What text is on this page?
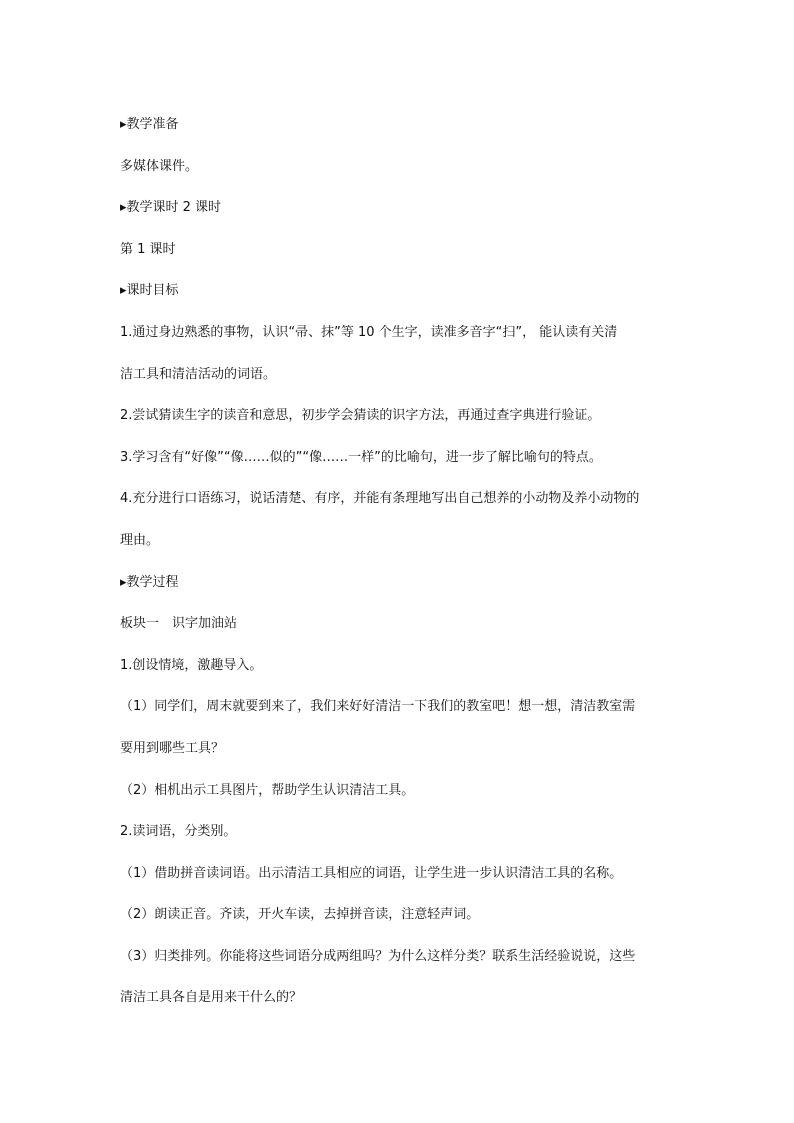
▸教学准备

多媒体课件。

▸教学课时 2 课时

第 1 课时

▸课时目标

1.通过身边熟悉的事物，认识“帚、抹”等 10 个生字，读准多音字“扫”， 能认读有关清

洁工具和清洁活动的词语。

2.尝试猜读生字的读音和意思，初步学会猜读的识字方法，再通过查字典进行验证。

3.学习含有“好像”“像……似的”“像……一样”的比喻句，进一步了解比喻句的特点。

4.充分进行口语练习，说话清楚、有序，并能有条理地写出自己想养的小动物及养小动物的

理由。

▸教学过程

板块一　识字加油站

1.创设情境，激趣导入。

（1）同学们，周末就要到来了，我们来好好清洁一下我们的教室吧！想一想，清洁教室需

要用到哪些工具？

（2）相机出示工具图片，帮助学生认识清洁工具。

2.读词语，分类别。

（1）借助拼音读词语。出示清洁工具相应的词语，让学生进一步认识清洁工具的名称。

（2）朗读正音。齐读，开火车读，去掉拼音读，注意轻声词。

（3）归类排列。你能将这些词语分成两组吗？为什么这样分类？联系生活经验说说，这些

清洁工具各自是用来干什么的？
